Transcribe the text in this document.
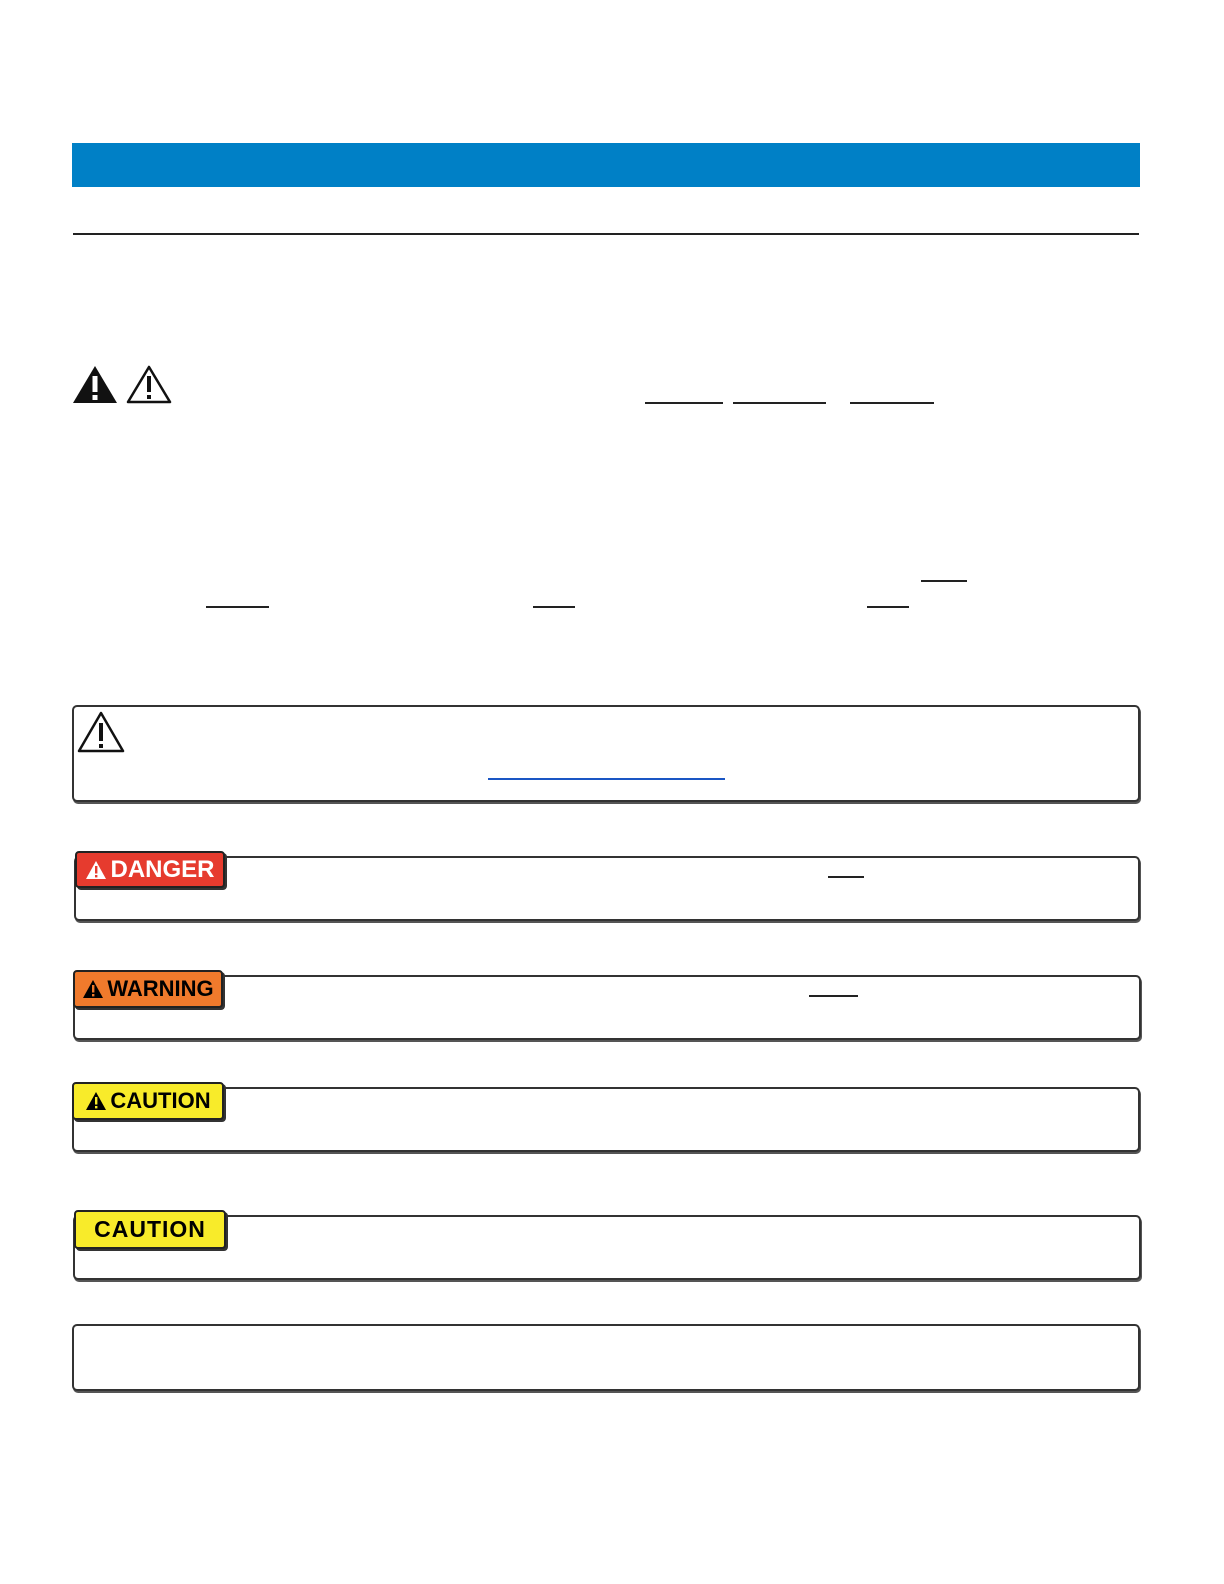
DANGER
WARNING
CAUTION
CAUTION
